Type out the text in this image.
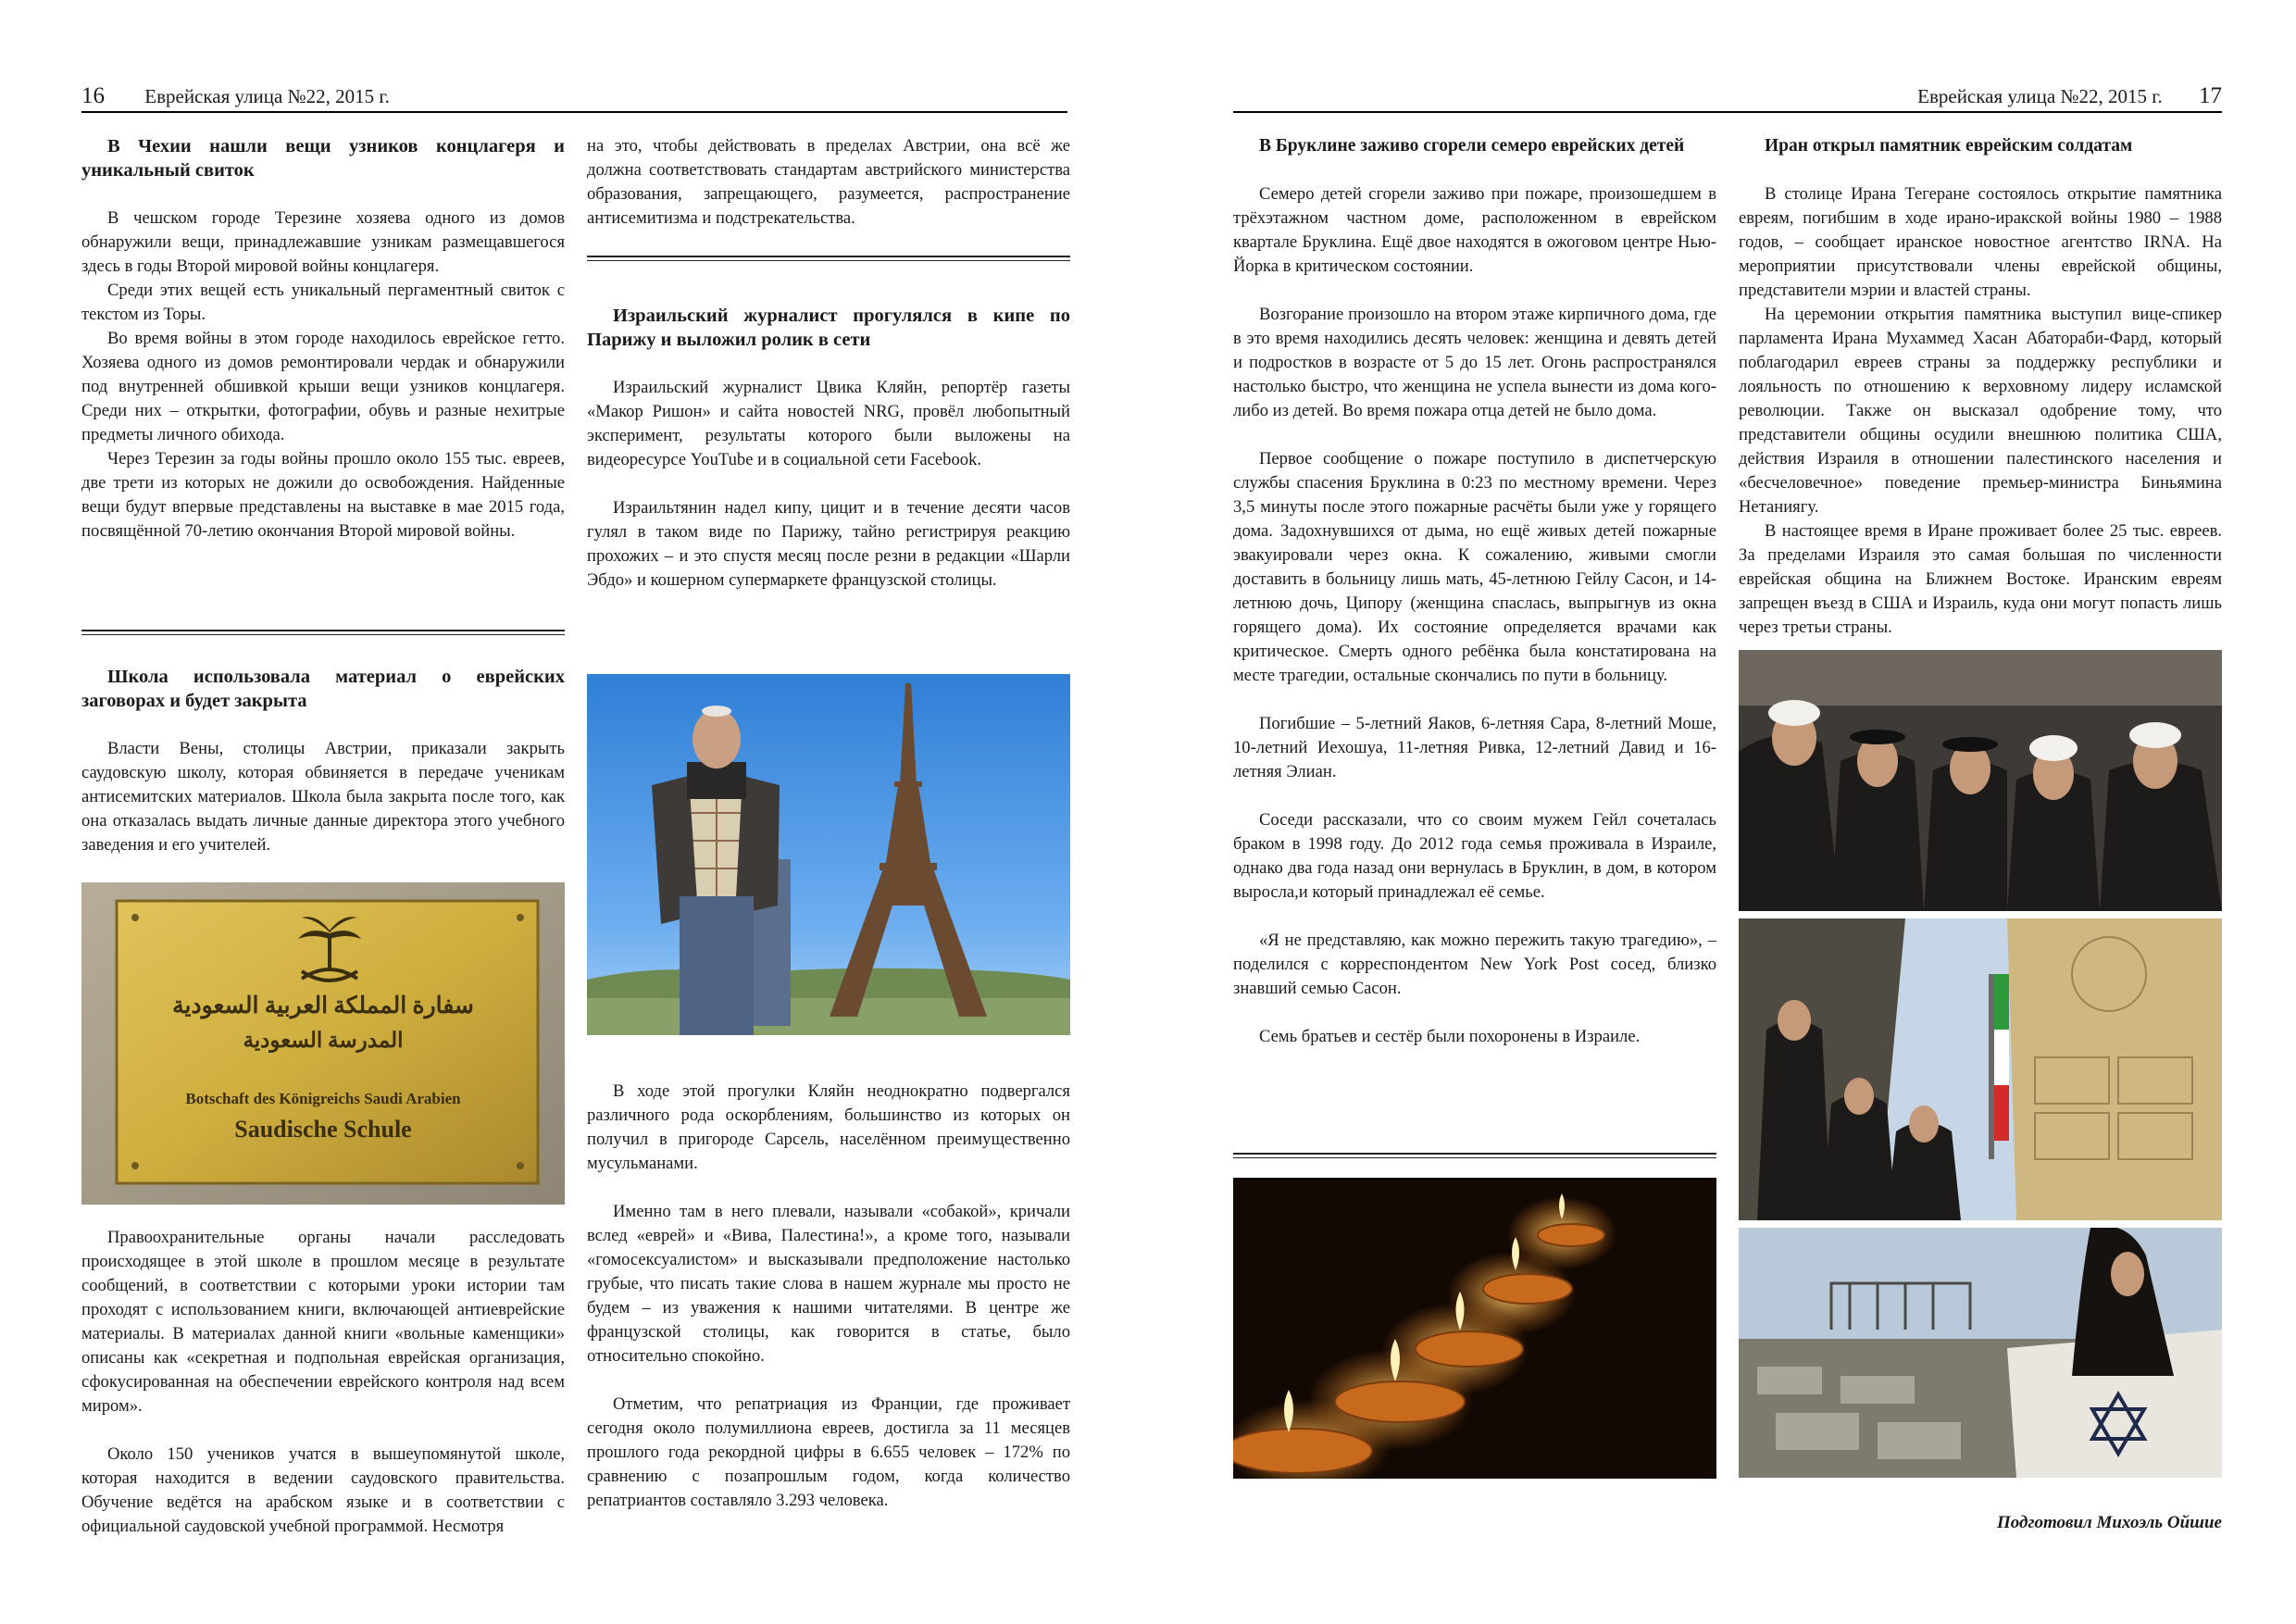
16 Еврейская улица №22, 2015 г.
В Чехии нашли вещи узников концлагеря и уникальный свиток

В чешском городе Терезине хозяева одного из домов обнаружили вещи, принадлежавшие узникам размещавшегося здесь в годы Второй мировой войны концлагеря.

Среди этих вещей есть уникальный пергаментный свиток с текстом из Торы.

Во время войны в этом городе находилось еврейское гетто. Хозяева одного из домов ремонтировали чердак и обнаружили под внутренней обшивкой крыши вещи узников концлагеря. Среди них – открытки, фотографии, обувь и разные нехитрые предметы личного обихода.

Через Терезин за годы войны прошло около 155 тыс. евреев, две трети из которых не дожили до освобождения. Найденные вещи будут впервые представлены на выставке в мае 2015 года, посвящённой 70-летию окончания Второй мировой войны.

Школа использовала материал о еврейских заговорах и будет закрыта

Власти Вены, столицы Австрии, приказали закрыть саудовскую школу, которая обвиняется в передаче ученикам антисемитских материалов. Школа была закрыта после того, как она отказалась выдать личные данные директора этого учебного заведения и его учителей.

سفارة المملكة العربية السعودية
المدرسة السعودية
Botschaft des Königreichs Saudi Arabien
Saudische Schule

Правоохранительные органы начали расследовать происходящее в этой школе в прошлом месяце в результате сообщений, в соответствии с которыми уроки истории там проходят с использованием книги, включающей антиеврейские материалы. В материалах данной книги «вольные каменщики» описаны как «секретная и подпольная еврейская организация, сфокусированная на обеспечении еврейского контроля над всем миром».

Около 150 учеников учатся в вышеупомянутой школе, которая находится в ведении саудовского правительства. Обучение ведётся на арабском языке и в соответствии с официальной саудовской учебной программой. Несмотря

на это, чтобы действовать в пределах Австрии, она всё же должна соответствовать стандартам австрийского министерства образования, запрещающего, разумеется, распространение антисемитизма и подстрекательства.

Израильский журналист прогулялся в кипе по Парижу и выложил ролик в сети

Израильский журналист Цвика Кляйн, репортёр газеты «Макор Ришон» и сайта новостей NRG, провёл любопытный эксперимент, результаты которого были выложены на видеоресурсе YouTube и в социальной сети Facebook.

Израильтянин надел кипу, цицит и в течение десяти часов гулял в таком виде по Парижу, тайно регистрируя реакцию прохожих – и это спустя месяц после резни в редакции «Шарли Эбдо» и кошерном супермаркете французской столицы.

В ходе этой прогулки Кляйн неоднократно подвергался различного рода оскорблениям, большинство из которых он получил в пригороде Сарсель, населённом преимущественно мусульманами.

Именно там в него плевали, называли «собакой», кричали вслед «еврей» и «Вива, Палестина!», а кроме того, называли «гомосексуалистом» и высказывали предположение настолько грубые, что писать такие слова в нашем журнале мы просто не будем – из уважения к нашими читателями. В центре же французской столицы, как говорится в статье, было относительно спокойно.

Отметим, что репатриация из Франции, где проживает сегодня около полумиллиона евреев, достигла за 11 месяцев прошлого года рекордной цифры в 6.655 человек – 172% по сравнению с позапрошлым годом, когда количество репатриантов составляло 3.293 человека.

Еврейская улица №22, 2015 г. 17
В Бруклине заживо сгорели семеро еврейских детей

Семеро детей сгорели заживо при пожаре, произошедшем в трёхэтажном частном доме, расположенном в еврейском квартале Бруклина. Ещё двое находятся в ожоговом центре Нью-Йорка в критическом состоянии.

Возгорание произошло на втором этаже кирпичного дома, где в это время находились десять человек: женщина и девять детей и подростков в возрасте от 5 до 15 лет. Огонь распространялся настолько быстро, что женщина не успела вынести из дома кого-либо из детей. Во время пожара отца детей не было дома.

Первое сообщение о пожаре поступило в диспетчерскую службы спасения Бруклина в 0:23 по местному времени. Через 3,5 минуты после этого пожарные расчёты были уже у горящего дома. Задохнувшихся от дыма, но ещё живых детей пожарные эвакуировали через окна. К сожалению, живыми смогли доставить в больницу лишь мать, 45-летнюю Гейлу Сасон, и 14-летнюю дочь, Ципору (женщина спаслась, выпрыгнув из окна горящего дома). Их состояние определяется врачами как критическое. Смерть одного ребёнка была констатирована на месте трагедии, остальные скончались по пути в больницу.

Погибшие – 5-летний Яаков, 6-летняя Сара, 8-летний Моше, 10-летний Иехошуа, 11-летняя Ривка, 12-летний Давид и 16-летняя Элиан.

Соседи рассказали, что со своим мужем Гейл сочеталась браком в 1998 году. До 2012 года семья проживала в Израиле, однако два года назад они вернулась в Бруклин, в дом, в котором выросла,и который принадлежал её семье.

«Я не представляю, как можно пережить такую трагедию», – поделился с корреспондентом New York Post сосед, близко знавший семью Сасон.

Семь братьев и сестёр были похоронены в Израиле.

Иран открыл памятник еврейским солдатам

В столице Ирана Тегеране состоялось открытие памятника евреям, погибшим в ходе ирано-иракской войны 1980 – 1988 годов, – сообщает иранское новостное агентство IRNA. На мероприятии присутствовали члены еврейской общины, представители мэрии и властей страны.

На церемонии открытия памятника выступил вице-спикер парламента Ирана Мухаммед Хасан Абатораби-Фард, который поблагодарил евреев страны за поддержку республики и лояльность по отношению к верховному лидеру исламской революции. Также он высказал одобрение тому, что представители общины осудили внешнюю политика США, действия Израиля в отношении палестинского населения и «бесчеловечное» поведение премьер-министра Биньямина Нетаниягу.

В настоящее время в Иране проживает более 25 тыс. евреев. За пределами Израиля это самая большая по численности еврейская община на Ближнем Востоке. Иранским евреям запрещен въезд в США и Израиль, куда они могут попасть лишь через третьи страны.

Подготовил Михоэль Ойшие
